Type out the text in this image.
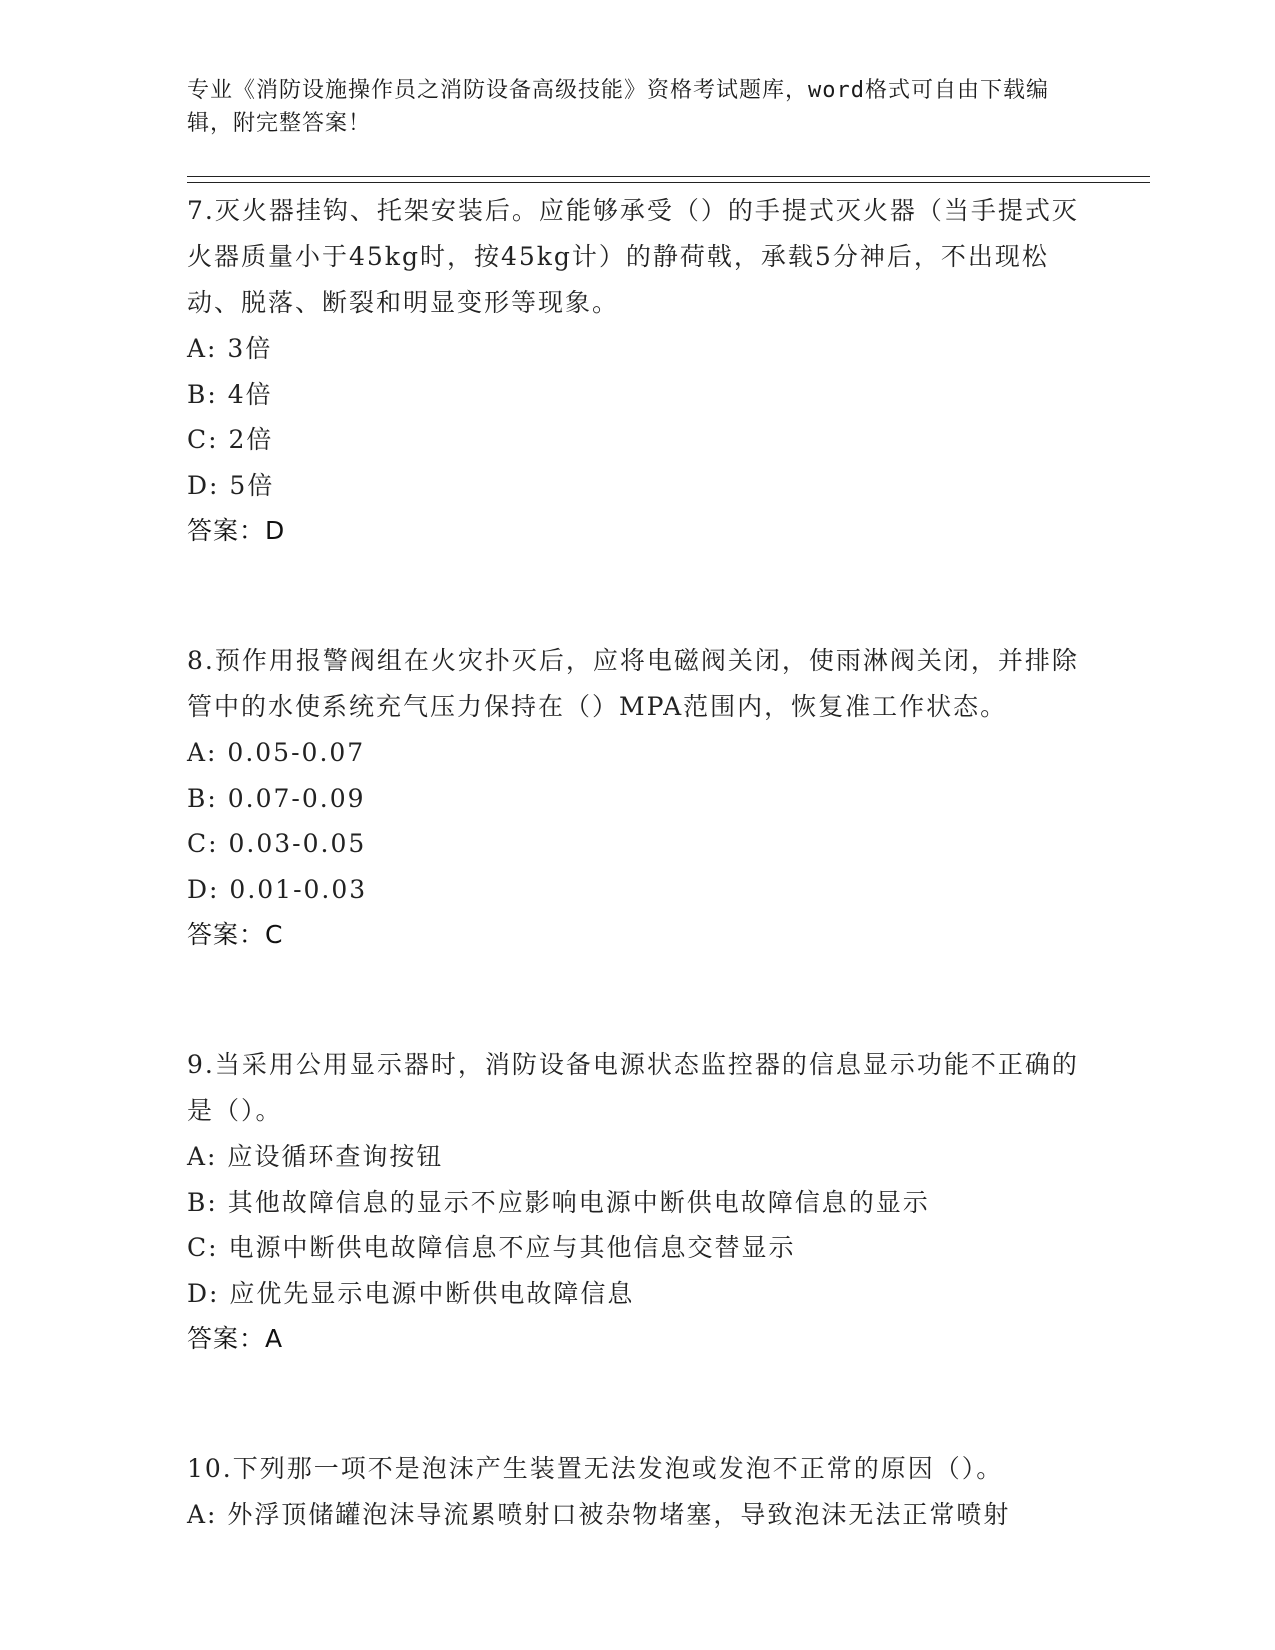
专业《消防设施操作员之消防设备高级技能》资格考试题库，word格式可自由下载编辑，附完整答案！
7.灭火器挂钩、托架安装后。应能够承受（）的手提式灭火器（当手提式灭火器质量小于45kg时，按45kg计）的静荷戟，承载5分神后，不出现松动、脱落、断裂和明显变形等现象。
A: 3倍
B: 4倍
C: 2倍
D: 5倍
答案：D
8.预作用报警阀组在火灾扑灭后，应将电磁阀关闭，使雨淋阀关闭，并排除管中的水使系统充气压力保持在（）MPA范围内，恢复准工作状态。
A: 0.05-0.07
B: 0.07-0.09
C: 0.03-0.05
D: 0.01-0.03
答案：C
9.当采用公用显示器时，消防设备电源状态监控器的信息显示功能不正确的是（）。
A: 应设循环查询按钮
B: 其他故障信息的显示不应影响电源中断供电故障信息的显示
C: 电源中断供电故障信息不应与其他信息交替显示
D: 应优先显示电源中断供电故障信息
答案：A
10.下列那一项不是泡沫产生装置无法发泡或发泡不正常的原因（）。
A: 外浮顶储罐泡沫导流累喷射口被杂物堵塞，导致泡沫无法正常喷射
